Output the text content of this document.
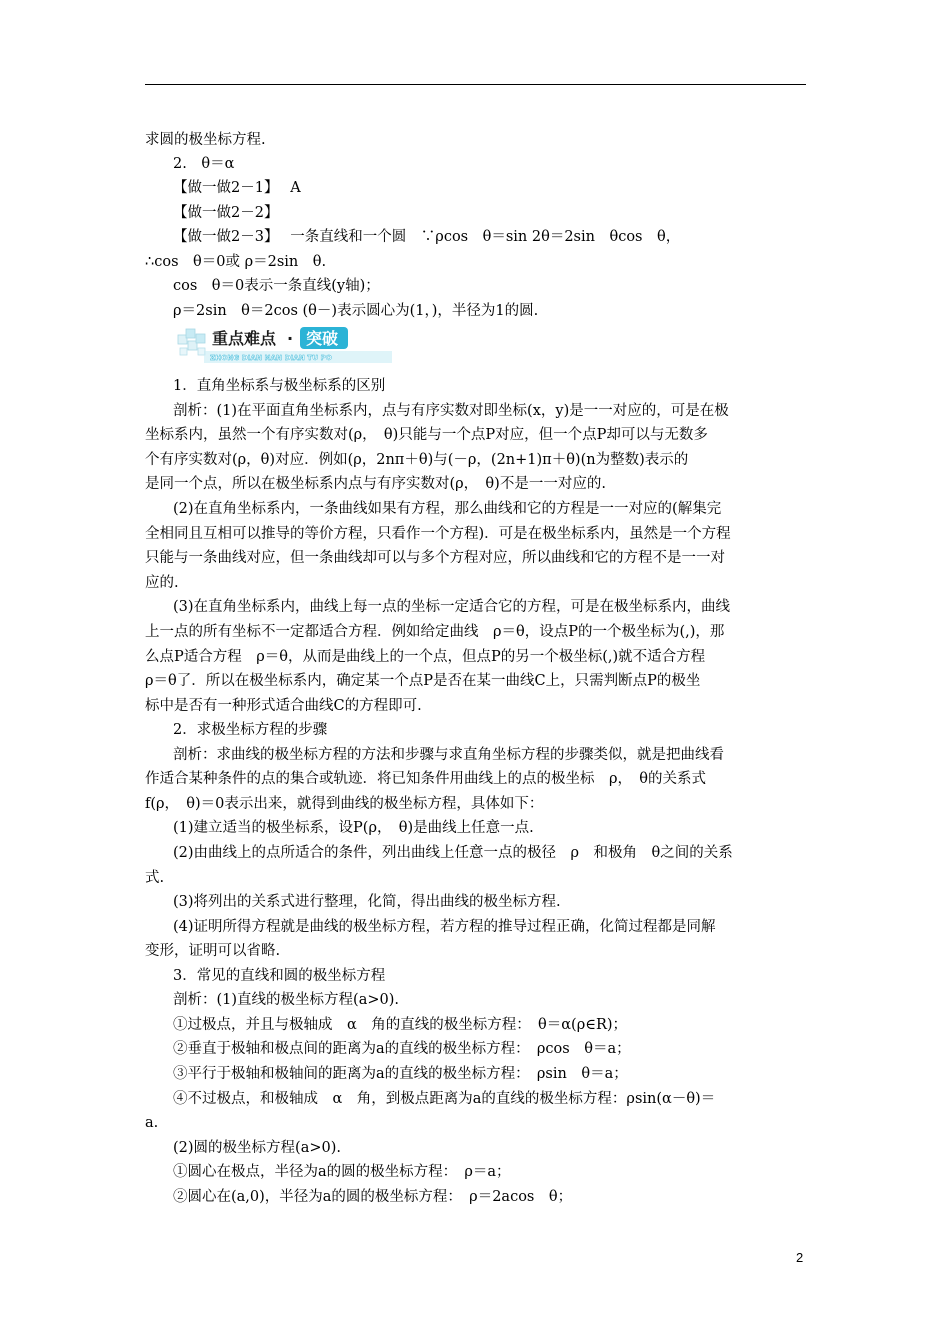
求圆的极坐标方程.
2.　θ＝α
【做一做2－1】　 A
【做一做2－2】
【做一做2－3】　 一条直线和一个圆　∵ρcos　θ＝sin 2θ＝2sin　θcos　θ，
∴cos　θ＝0或 ρ＝2sin　θ.
cos　θ＝0表示一条直线(y轴)；
ρ＝2sin　θ＝2cos (θ－)表示圆心为(1，)，半径为1的圆.
重点难点 · 突破
ZHONG DIAN NAN DIAN TU PO
1．直角坐标系与极坐标系的区别
剖析：(1)在平面直角坐标系内，点与有序实数对即坐标(x，y)是一一对应的，可是在极
坐标系内，虽然一个有序实数对(ρ，　θ)只能与一个点P对应，但一个点P却可以与无数多
个有序实数对(ρ，θ)对应．例如(ρ，2nπ＋θ)与(－ρ，(2n+1)π＋θ)(n为整数)表示的
是同一个点，所以在极坐标系内点与有序实数对(ρ，　θ)不是一一对应的.
(2)在直角坐标系内，一条曲线如果有方程，那么曲线和它的方程是一一对应的(解集完
全相同且互相可以推导的等价方程，只看作一个方程)．可是在极坐标系内，虽然是一个方程
只能与一条曲线对应，但一条曲线却可以与多个方程对应，所以曲线和它的方程不是一一对
应的.
(3)在直角坐标系内，曲线上每一点的坐标一定适合它的方程，可是在极坐标系内，曲线
上一点的所有坐标不一定都适合方程．例如给定曲线　ρ＝θ，设点P的一个极坐标为(,)，那
么点P适合方程　ρ＝θ，从而是曲线上的一个点，但点P的另一个极坐标(,)就不适合方程
ρ＝θ了．所以在极坐标系内，确定某一个点P是否在某一曲线C上，只需判断点P的极坐
标中是否有一种形式适合曲线C的方程即可.
2．求极坐标方程的步骤
剖析：求曲线的极坐标方程的方法和步骤与求直角坐标方程的步骤类似，就是把曲线看
作适合某种条件的点的集合或轨迹．将已知条件用曲线上的点的极坐标　ρ，　θ的关系式
f(ρ，　θ)＝0表示出来，就得到曲线的极坐标方程，具体如下：
(1)建立适当的极坐标系，设P(ρ，　θ)是曲线上任意一点.
(2)由曲线上的点所适合的条件，列出曲线上任意一点的极径　ρ　和极角　θ之间的关系
式.
(3)将列出的关系式进行整理，化简，得出曲线的极坐标方程.
(4)证明所得方程就是曲线的极坐标方程，若方程的推导过程正确，化简过程都是同解
变形，证明可以省略.
3．常见的直线和圆的极坐标方程
剖析：(1)直线的极坐标方程(a>0).
①过极点，并且与极轴成　α　角的直线的极坐标方程：　θ＝α(ρ∈R)；
②垂直于极轴和极点间的距离为a的直线的极坐标方程：　ρcos　θ＝a；
③平行于极轴和极轴间的距离为a的直线的极坐标方程：　ρsin　θ＝a；
④不过极点，和极轴成　α　角，到极点距离为a的直线的极坐标方程：ρsin(α－θ)＝
a.
(2)圆的极坐标方程(a>0).
①圆心在极点，半径为a的圆的极坐标方程：　ρ＝a；
②圆心在(a,0)，半径为a的圆的极坐标方程：　ρ＝2acos　θ；
2
